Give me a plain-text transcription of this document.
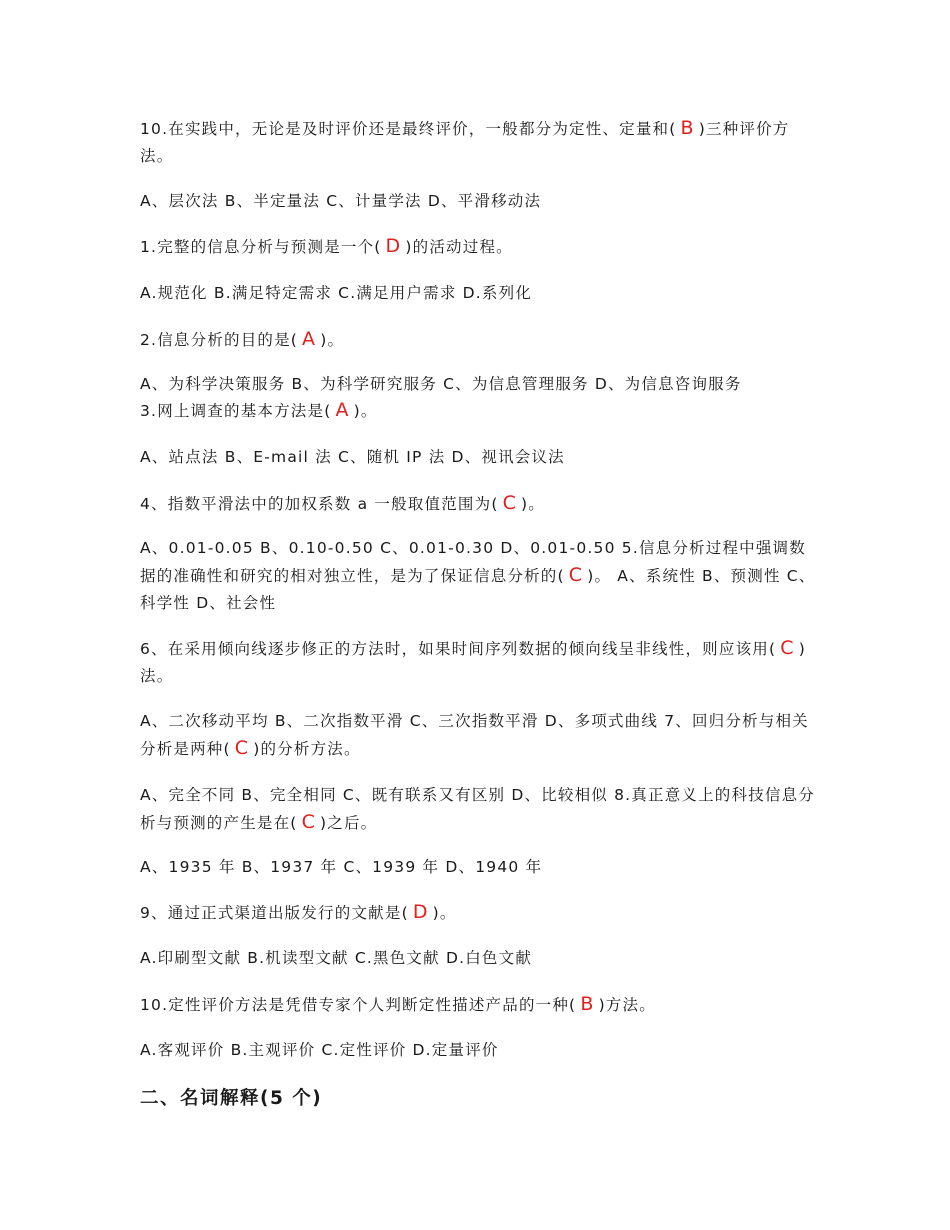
10.在实践中，无论是及时评价还是最终评价，一般都分为定性、定量和( B )三种评价方法。

A、层次法 B、半定量法 C、计量学法 D、平滑移动法

1.完整的信息分析与预测是一个( D )的活动过程。

A.规范化 B.满足特定需求 C.满足用户需求 D.系列化

2.信息分析的目的是( A )。

A、为科学决策服务 B、为科学研究服务 C、为信息管理服务 D、为信息咨询服务

3.网上调查的基本方法是( A )。

A、站点法 B、E-mail 法 C、随机 IP 法 D、视讯会议法

4、指数平滑法中的加权系数 a 一般取值范围为( C )。

A、0.01-0.05 B、0.10-0.50 C、0.01-0.30 D、0.01-0.50 5.信息分析过程中强调数据的准确性和研究的相对独立性，是为了保证信息分析的( C )。 A、系统性 B、预测性 C、科学性 D、社会性

6、在采用倾向线逐步修正的方法时，如果时间序列数据的倾向线呈非线性，则应该用( C )法。

A、二次移动平均 B、二次指数平滑 C、三次指数平滑 D、多项式曲线 7、回归分析与相关分析是两种( C )的分析方法。

A、完全不同 B、完全相同 C、既有联系又有区别 D、比较相似 8.真正意义上的科技信息分析与预测的产生是在( C )之后。

A、1935 年 B、1937 年 C、1939 年 D、1940 年

9、通过正式渠道出版发行的文献是( D )。

A.印刷型文献 B.机读型文献 C.黑色文献 D.白色文献

10.定性评价方法是凭借专家个人判断定性描述产品的一种( B )方法。

A.客观评价 B.主观评价 C.定性评价 D.定量评价

二、名词解释(5 个)
